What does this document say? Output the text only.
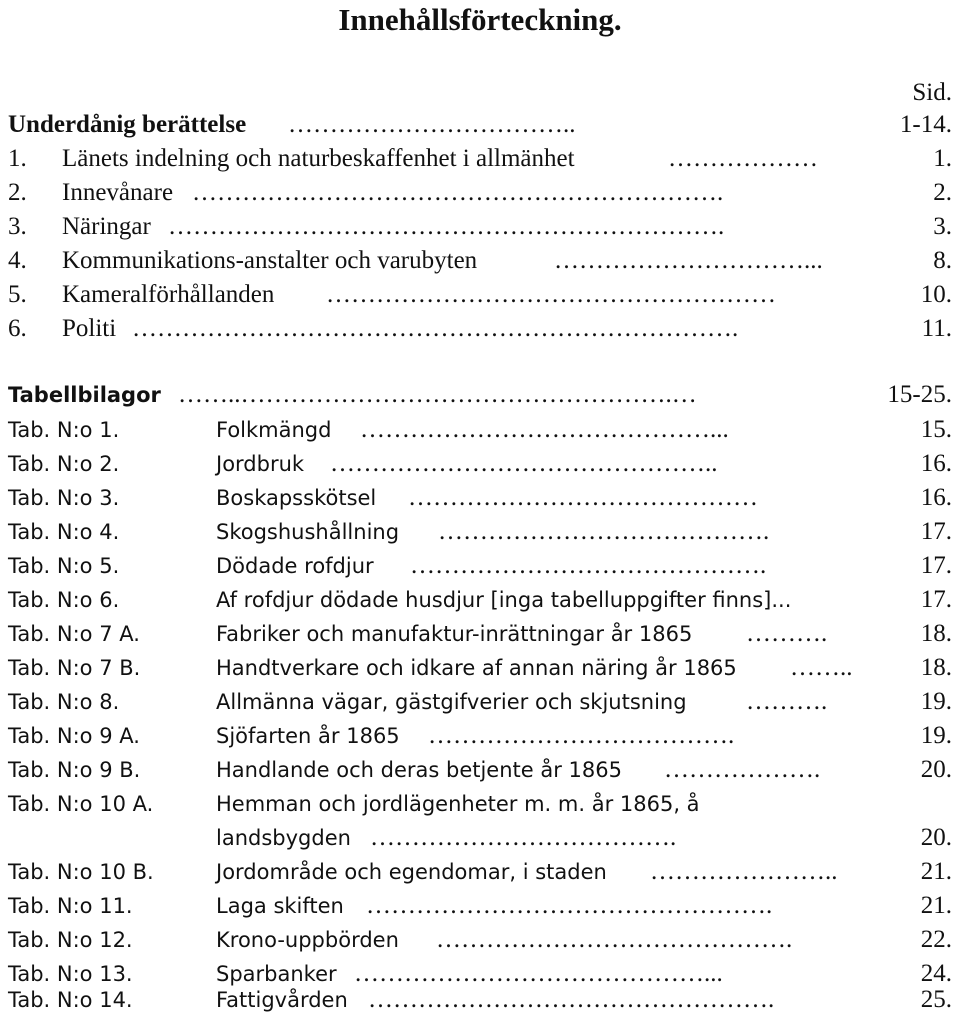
Innehållsförteckning.
Sid.
Underdånig berättelse ……………………………..	1-14.
1. Länets indelning och naturbeskaffenhet i allmänhet	………………	1.
2. Innevånare ……………………………………………………….	2.
3. Näringar ………………………………………………………….	3.
4. Kommunikations-anstalter och varubyten	…………………………...	8.
5. Kameralförhållanden ………………………………………………	10.
6. Politi ……………………………………………………………….	11.
Tabellbilagor ……..…………………………………………….…	15-25.
Tab. N:o 1.	Folkmängd ……………………………………...	15.
Tab. N:o 2.	Jordbruk ………………………………………..	16.
Tab. N:o 3.	Boskapsskötsel ……………………………………	16.
Tab. N:o 4.	Skogshushållning ………………………………….	17.
Tab. N:o 5.	Dödade rofdjur …………………………………….	17.
Tab. N:o 6.	Af rofdjur dödade husdjur [inga tabelluppgifter finns]...	17.
Tab. N:o 7 A.	Fabriker och manufaktur-inrättningar år 1865 ……….	18.
Tab. N:o 7 B.	Handtverkare och idkare af annan näring år 1865 ……..	18.
Tab. N:o 8.	Allmänna vägar, gästgifverier och skjutsning ……….	19.
Tab. N:o 9 A.	Sjöfarten år 1865 ……………………………….	19.
Tab. N:o 9 B.	Handlande och deras betjente år 1865 ……………….	20.
Tab. N:o 10 A.	Hemman och jordlägenheter m. m. år 1865, å
landsbygden ……………………………….	20.
Tab. N:o 10 B.	Jordområde och egendomar, i staden …………………..	21.
Tab. N:o 11.	Laga skiften ………………………………………….	21.
Tab. N:o 12.	Krono-uppbörden …………………………………….	22.
Tab. N:o 13.	Sparbanker ……………………………………...	24.
Tab. N:o 14.	Fattigvården ………………………………………….	25.
